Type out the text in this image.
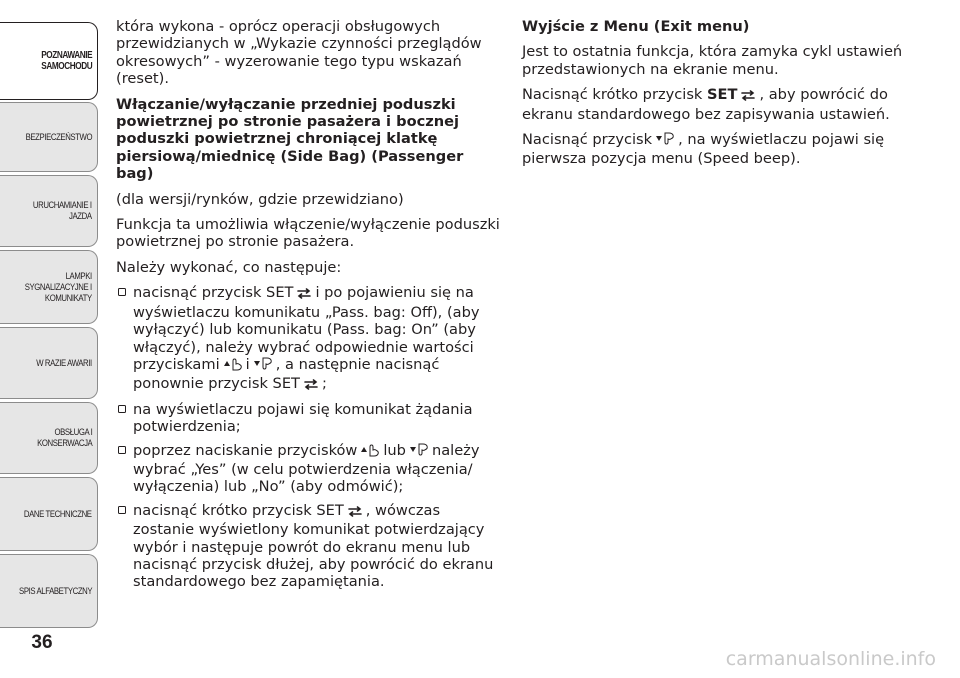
POZNAWANIE
SAMOCHODU
BEZPIECZEŃSTWO
URUCHAMIANIE I
JAZDA
LAMPKI
SYGNALIZACYJNE I
KOMUNIKATY
W RAZIE AWARII
OBSŁUGA I
KONSERWACJA
DANE TECHNICZNE
SPIS ALFABETYCZNY
36

która wykona - oprócz operacji obsługowych przewidzianych w „Wykazie czynności przeglądów okresowych” - wyzerowanie tego typu wskazań (reset).

Włączanie/wyłączanie przedniej poduszki powietrznej po stronie pasażera i bocznej poduszki powietrznej chroniącej klatkę piersiową/miednicę (Side Bag) (Passenger bag)

(dla wersji/rynków, gdzie przewidziano)

Funkcja ta umożliwia włączenie/wyłączenie poduszki powietrznej po stronie pasażera.

Należy wykonać, co następuje:

nacisnąć przycisk SET i po pojawieniu się na wyświetlaczu komunikatu „Pass. bag: Off), (aby wyłączyć) lub komunikatu (Pass. bag: On” (aby włączyć), należy wybrać odpowiednie wartości przyciskami i , a następnie nacisnąć ponownie przycisk SET ;
na wyświetlaczu pojawi się komunikat żądania potwierdzenia;
poprzez naciskanie przycisków lub należy wybrać „Yes” (w celu potwierdzenia włączenia/ wyłączenia) lub „No” (aby odmówić);
nacisnąć krótko przycisk SET , wówczas zostanie wyświetlony komunikat potwierdzający wybór i następuje powrót do ekranu menu lub nacisnąć przycisk dłużej, aby powrócić do ekranu standardowego bez zapamiętania.

Wyjście z Menu (Exit menu)

Jest to ostatnia funkcja, która zamyka cykl ustawień przedstawionych na ekranie menu.

Nacisnąć krótko przycisk SET , aby powrócić do ekranu standardowego bez zapisywania ustawień.

Nacisnąć przycisk , na wyświetlaczu pojawi się pierwsza pozycja menu (Speed beep).

carmanualsonline.info
